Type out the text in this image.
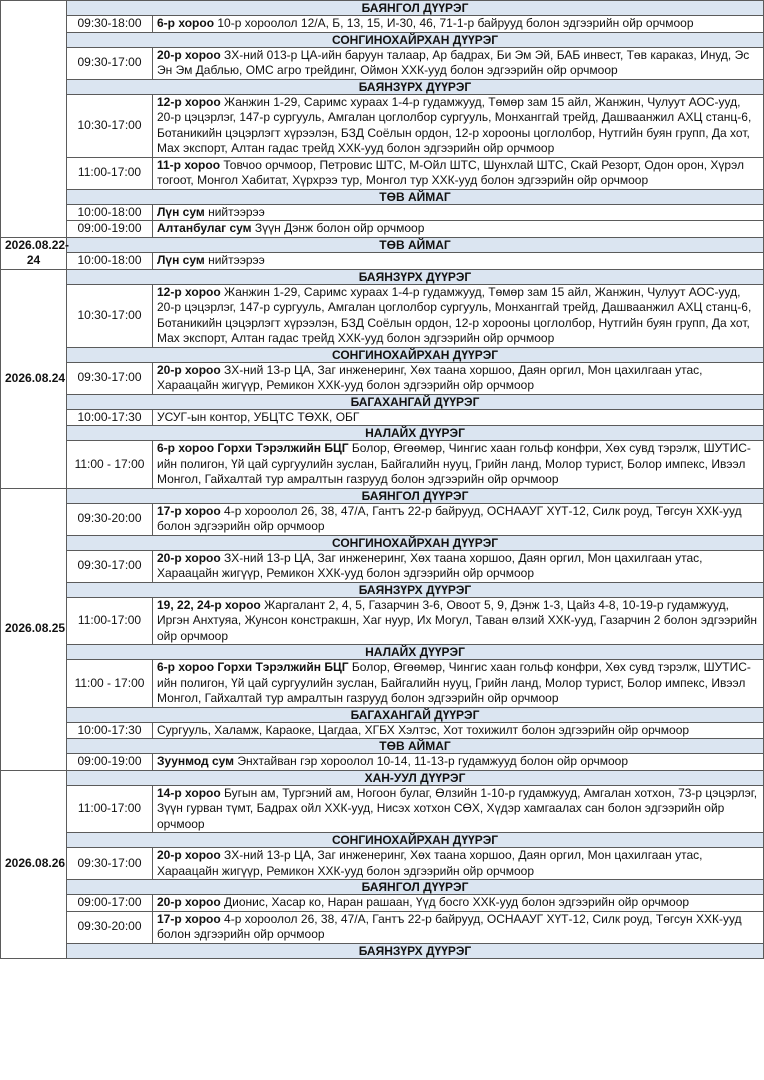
	БАЯНГОЛ ДҮҮРЭГ	
	09:30-18:00	6-р хороо 10-р хороолол 12/А, Б, 13, 15, И-30, 46, 71-1-р байрууд болон эдгээрийн ойр орчмоор
	СОНГИНОХАЙРХАН ДҮҮРЭГ	
	09:30-17:00	20-р хороо ЗХ-ний 013-р ЦА-ийн баруун талаар, Ар бадрах, Би Эм Эй, БАБ инвест, Төв караказ, Инуд, Эс Эн Эм Даблью, ОМС агро трейдинг, Оймон ХХК-ууд болон эдгээрийн ойр орчмоор
	БАЯНЗҮРХ ДҮҮРЭГ	
	10:30-17:00	12-р хороо Жанжин 1-29, Саримс хураах 1-4-р гудамжууд, Төмөр зам 15 айл, Жанжин, Чулуут АОС-ууд, 20-р цэцэрлэг, 147-р сургууль, Амгалан цоглолбор сургууль, Монханггай трейд, Дашваанжил АХЦ станц-6, Ботаникийн цэцэрлэгт хүрээлэн, БЗД Соёлын ордон, 12-р хорооны цоглолбор, Нутгийн буян групп, Да хот, Мах экспорт, Алтан гадас трейд ХХК-ууд болон эдгээрийн ойр орчмоор
	11:00-17:00	11-р хороо Товчоо орчмоор, Петровис ШТС, М-Ойл ШТС, Шунхлай ШТС, Скай Резорт, Одон орон, Хүрэл тогоот, Монгол Хабитат, Хүрхрээ тур, Монгол тур ХХК-ууд болон эдгээрийн ойр орчмоор
	ТӨВ АЙМАГ	
	10:00-18:00	Лүн сум нийтээрээ
	09:00-19:00	Алтанбулаг сум Зүүн Дэнж болон ойр орчмоор
2026.08.22-24	ТӨВ АЙМАГ	
	10:00-18:00	Лүн сум нийтээрээ
2026.08.24	БАЯНЗҮРХ ДҮҮРЭГ	
	10:30-17:00	12-р хороо Жанжин 1-29, Саримс хураах 1-4-р гудамжууд, Төмөр зам 15 айл, Жанжин, Чулуут АОС-ууд, 20-р цэцэрлэг, 147-р сургууль, Амгалан цоглолбор сургууль, Монханггай трейд, Дашваанжил АХЦ станц-6, Ботаникийн цэцэрлэгт хүрээлэн, БЗД Соёлын ордон, 12-р хорооны цоглолбор, Нутгийн буян групп, Да хот, Мах экспорт, Алтан гадас трейд ХХК-ууд болон эдгээрийн ойр орчмоор
	СОНГИНОХАЙРХАН ДҮҮРЭГ	
	09:30-17:00	20-р хороо ЗХ-ний 13-р ЦА, Заг инженеринг, Хөх таана хоршоо, Даян оргил, Мон цахилгаан утас, Хараацайн жигүүр, Ремикон ХХК-ууд болон эдгээрийн ойр орчмоор
	БАГАХАНГАЙ ДҮҮРЭГ	
	10:00-17:30	УСУГ-ын контор, УБЦТС ТӨХК, ОБГ
	НАЛАЙХ ДҮҮРЭГ	
	11:00 - 17:00	6-р хороо Горхи Тэрэлжийн БЦГ Болор, Өгөөмөр, Чингис хаан гольф конфри, Хөх сувд тэрэлж, ШУТИС-ийн полигон, Үй цай сургуулийн зуслан, Байгалийн нууц, Грийн ланд, Молор турист, Болор импекс, Ивээл Монгол, Гайхалтай тур амралтын газрууд болон эдгээрийн ойр орчмоор
2026.08.25	БАЯНГОЛ ДҮҮРЭГ	
	09:30-20:00	17-р хороо 4-р хороолол 26, 38, 47/А, Гантъ 22-р байрууд, ОСНААУГ ХҮТ-12, Силк роуд, Төгсун ХХК-ууд болон эдгээрийн ойр орчмоор
	СОНГИНОХАЙРХАН ДҮҮРЭГ	
	09:30-17:00	20-р хороо ЗХ-ний 13-р ЦА, Заг инженеринг, Хөх таана хоршоо, Даян оргил, Мон цахилгаан утас, Хараацайн жигүүр, Ремикон ХХК-ууд болон эдгээрийн ойр орчмоор
	БАЯНЗҮРХ ДҮҮРЭГ	
	11:00-17:00	19, 22, 24-р хороо Жаргалант 2, 4, 5, Газарчин 3-6, Овоот 5, 9, Дэнж 1-3, Цайз 4-8, 10-19-р гудамжууд, Иргэн Анхтуяа, Жунсон констракшн, Хаг нуур, Их Могул, Таван өлзий ХХК-ууд, Газарчин 2 болон эдгээрийн ойр орчмоор
	НАЛАЙХ ДҮҮРЭГ	
	11:00 - 17:00	6-р хороо Горхи Тэрэлжийн БЦГ Болор, Өгөөмөр, Чингис хаан гольф конфри, Хөх сувд тэрэлж, ШУТИС-ийн полигон, Үй цай сургуулийн зуслан, Байгалийн нууц, Грийн ланд, Молор турист, Болор импекс, Ивээл Монгол, Гайхалтай тур амралтын газрууд болон эдгээрийн ойр орчмоор
	БАГАХАНГАЙ ДҮҮРЭГ	
	10:00-17:30	Сургууль, Халамж, Караоке, Цагдаа, ХГБХ Хэлтэс, Хот тохижилт болон эдгээрийн ойр орчмоор
	ТӨВ АЙМАГ	
	09:00-19:00	Зуунмод сум Энхтайван гэр хороолол 10-14, 11-13-р гудамжууд болон ойр орчмоор
2026.08.26	ХАН-УУЛ ДҮҮРЭГ	
	11:00-17:00	14-р хороо Бугын ам, Тургэний ам, Ногоон булаг, Өлзийн 1-10-р гудамжууд, Амгалан хотхон, 73-р цэцэрлэг, Зүүн гурван түмт, Бадрах ойл ХХК-ууд, Нисэх хотхон СӨХ, Хүдэр хамгаалах сан болон эдгээрийн ойр орчмоор
	СОНГИНОХАЙРХАН ДҮҮРЭГ	
	09:30-17:00	20-р хороо ЗХ-ний 13-р ЦА, Заг инженеринг, Хөх таана хоршоо, Даян оргил, Мон цахилгаан утас, Хараацайн жигүүр, Ремикон ХХК-ууд болон эдгээрийн ойр орчмоор
	БАЯНГОЛ ДҮҮРЭГ	
	09:00-17:00	20-р хороо Дионис, Хасар ко, Наран рашаан, Үүд босго ХХК-ууд болон эдгээрийн ойр орчмоор
	09:30-20:00	17-р хороо 4-р хороолол 26, 38, 47/А, Гантъ 22-р байрууд, ОСНААУГ ХҮТ-12, Силк роуд, Төгсун ХХК-ууд болон эдгээрийн ойр орчмоор
	БАЯНЗҮРХ ДҮҮРЭГ	
